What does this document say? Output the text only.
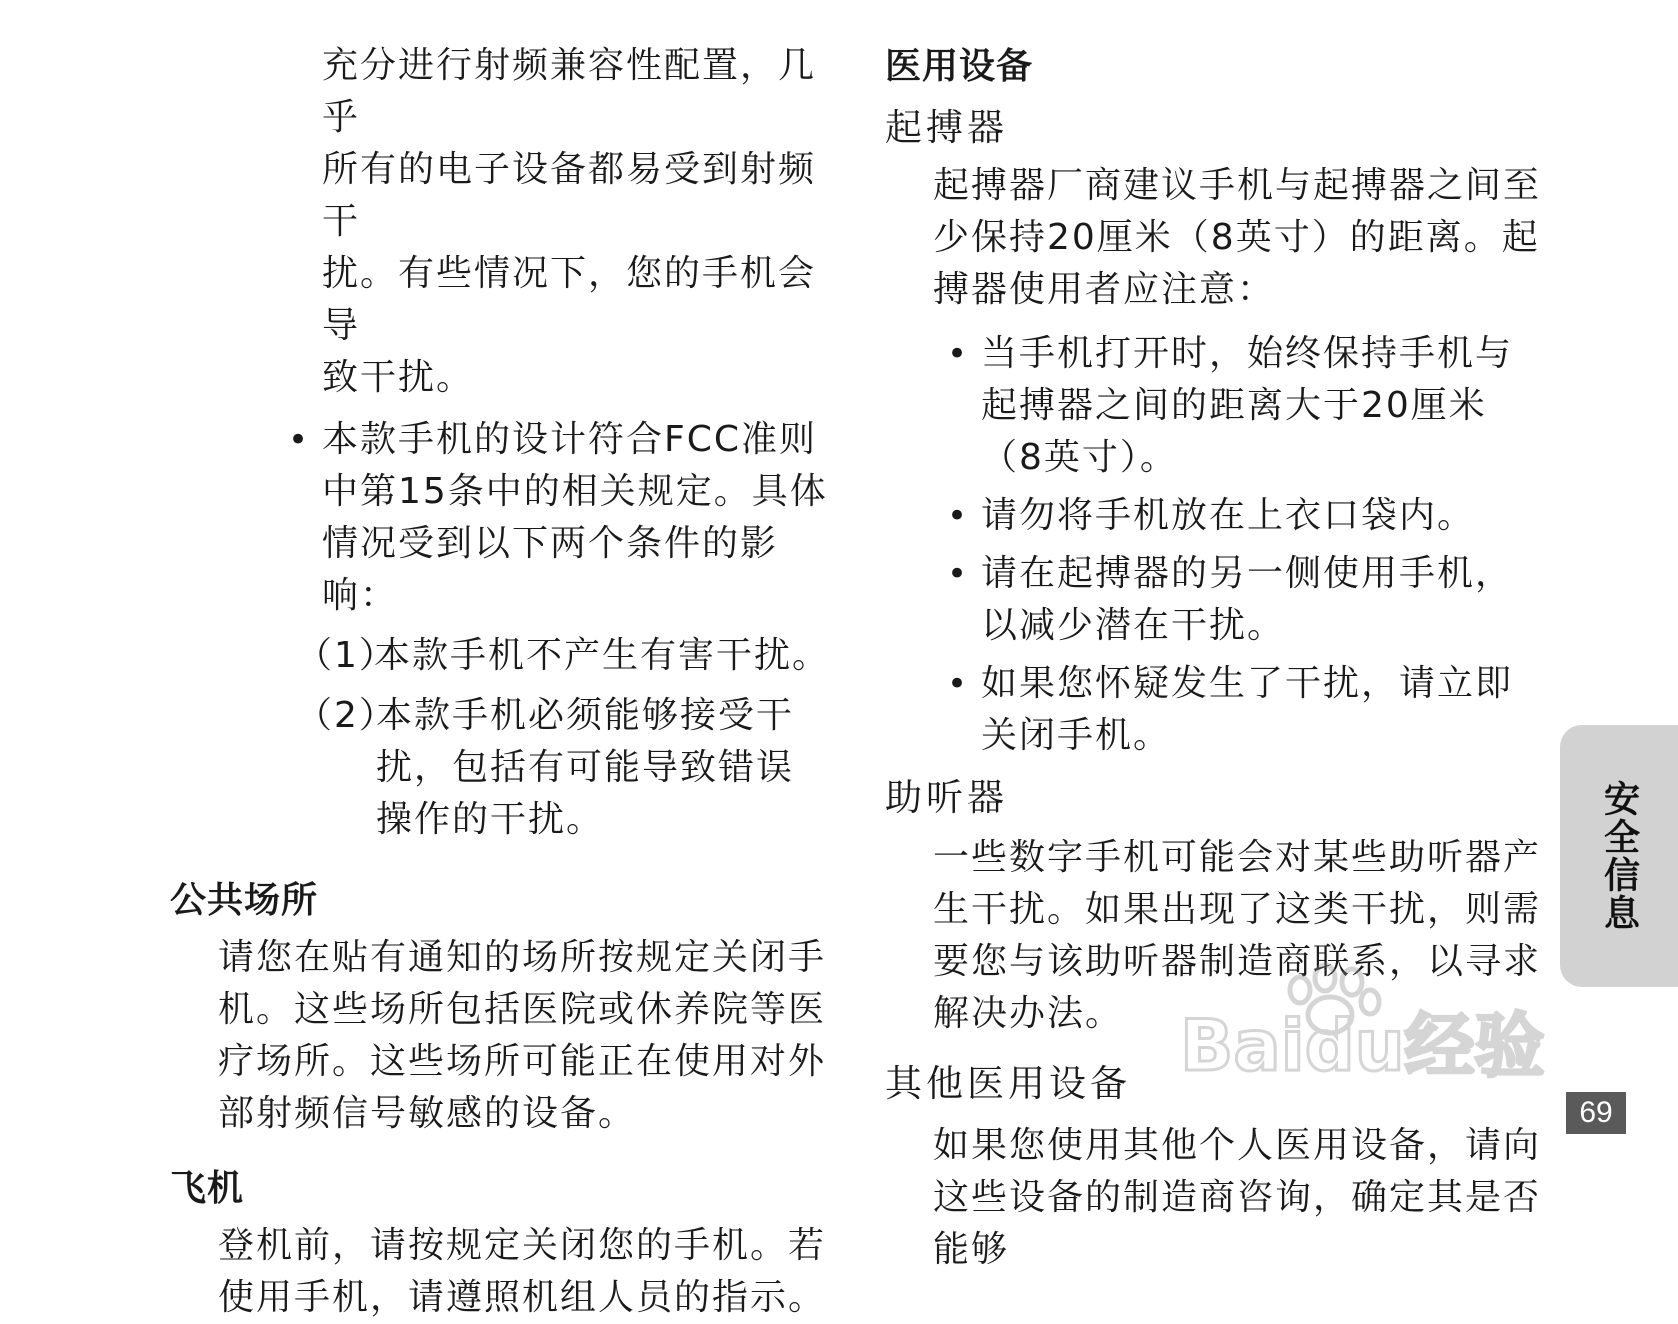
充分进行射频兼容性配置，几乎

所有的电子设备都易受到射频干

扰。有些情况下，您的手机会导

致干扰。

• 本款手机的设计符合FCC准则中第15条中的相关规定。具体情况受到以下两个条件的影响：
（1）
本款手机不产生有害干扰。
（2）
本款手机必须能够接受干扰，包括有可能导致错误操作的干扰。
公共场所

请您在贴有通知的场所按规定关闭手机。这些场所包括医院或休养院等医疗场所。这些场所可能正在使用对外部射频信号敏感的设备。

飞机

登机前，请按规定关闭您的手机。若使用手机，请遵照机组人员的指示。

医用设备
起搏器

起搏器厂商建议手机与起搏器之间至少保持20厘米（8英寸）的距离。起搏器使用者应注意：

• 当手机打开时，始终保持手机与起搏器之间的距离大于20厘米（8英寸）。
• 请勿将手机放在上衣口袋内。
• 请在起搏器的另一侧使用手机，以减少潜在干扰。
• 如果您怀疑发生了干扰，请立即关闭手机。
助听器

一些数字手机可能会对某些助听器产生干扰。如果出现了这类干扰，则需要您与该助听器制造商联系，以寻求解决办法。

其他医用设备

如果您使用其他个人医用设备，请向这些设备的制造商咨询，确定其是否能够

安全信息
69
Baidu经验
